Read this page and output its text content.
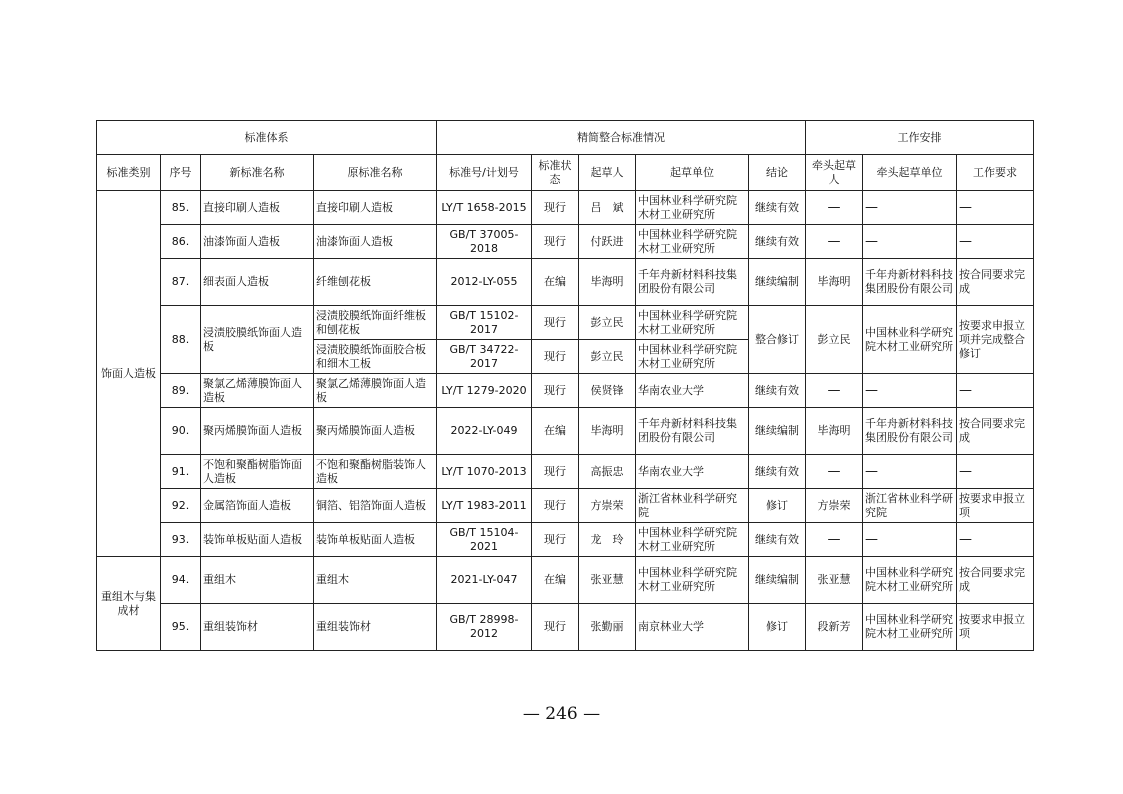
标准体系				精简整合标准情况					工作安排		
标准类别	序号	新标准名称	原标准名称	标准号/计划号	标准状态	起草人	起草单位	结论	牵头起草人	牵头起草单位	工作要求
饰面人造板	85.	直接印刷人造板	直接印刷人造板	LY/T 1658-2015	现行	吕　斌	中国林业科学研究院木材工业研究所	继续有效	—	—	—
	86.	油漆饰面人造板	油漆饰面人造板	GB/T 37005-2018	现行	付跃进	中国林业科学研究院木材工业研究所	继续有效	—	—	—
	87.	细表面人造板	纤维刨花板	2012-LY-055	在编	毕海明	千年舟新材料科技集团股份有限公司	继续编制	毕海明	千年舟新材料科技集团股份有限公司	按合同要求完成
	88.	浸渍胶膜纸饰面人造板	浸渍胶膜纸饰面纤维板和刨花板	GB/T 15102-2017	现行	彭立民	中国林业科学研究院木材工业研究所	整合修订	彭立民	中国林业科学研究院木材工业研究所	按要求申报立项并完成整合修订
			浸渍胶膜纸饰面胶合板和细木工板	GB/T 34722-2017	现行	彭立民	中国林业科学研究院木材工业研究所				
	89.	聚氯乙烯薄膜饰面人造板	聚氯乙烯薄膜饰面人造板	LY/T 1279-2020	现行	侯贤锋	华南农业大学	继续有效	—	—	—
	90.	聚丙烯膜饰面人造板	聚丙烯膜饰面人造板	2022-LY-049	在编	毕海明	千年舟新材料科技集团股份有限公司	继续编制	毕海明	千年舟新材料科技集团股份有限公司	按合同要求完成
	91.	不饱和聚酯树脂饰面人造板	不饱和聚酯树脂装饰人造板	LY/T 1070-2013	现行	高振忠	华南农业大学	继续有效	—	—	—
	92.	金属箔饰面人造板	铜箔、铝箔饰面人造板	LY/T 1983-2011	现行	方崇荣	浙江省林业科学研究院	修订	方崇荣	浙江省林业科学研究院	按要求申报立项
	93.	装饰单板贴面人造板	装饰单板贴面人造板	GB/T 15104-2021	现行	龙　玲	中国林业科学研究院木材工业研究所	继续有效	—	—	—
重组木与集成材	94.	重组木	重组木	2021-LY-047	在编	张亚慧	中国林业科学研究院木材工业研究所	继续编制	张亚慧	中国林业科学研究院木材工业研究所	按合同要求完成
	95.	重组装饰材	重组装饰材	GB/T 28998-2012	现行	张勤丽	南京林业大学	修订	段新芳	中国林业科学研究院木材工业研究所	按要求申报立项
— 246 —
